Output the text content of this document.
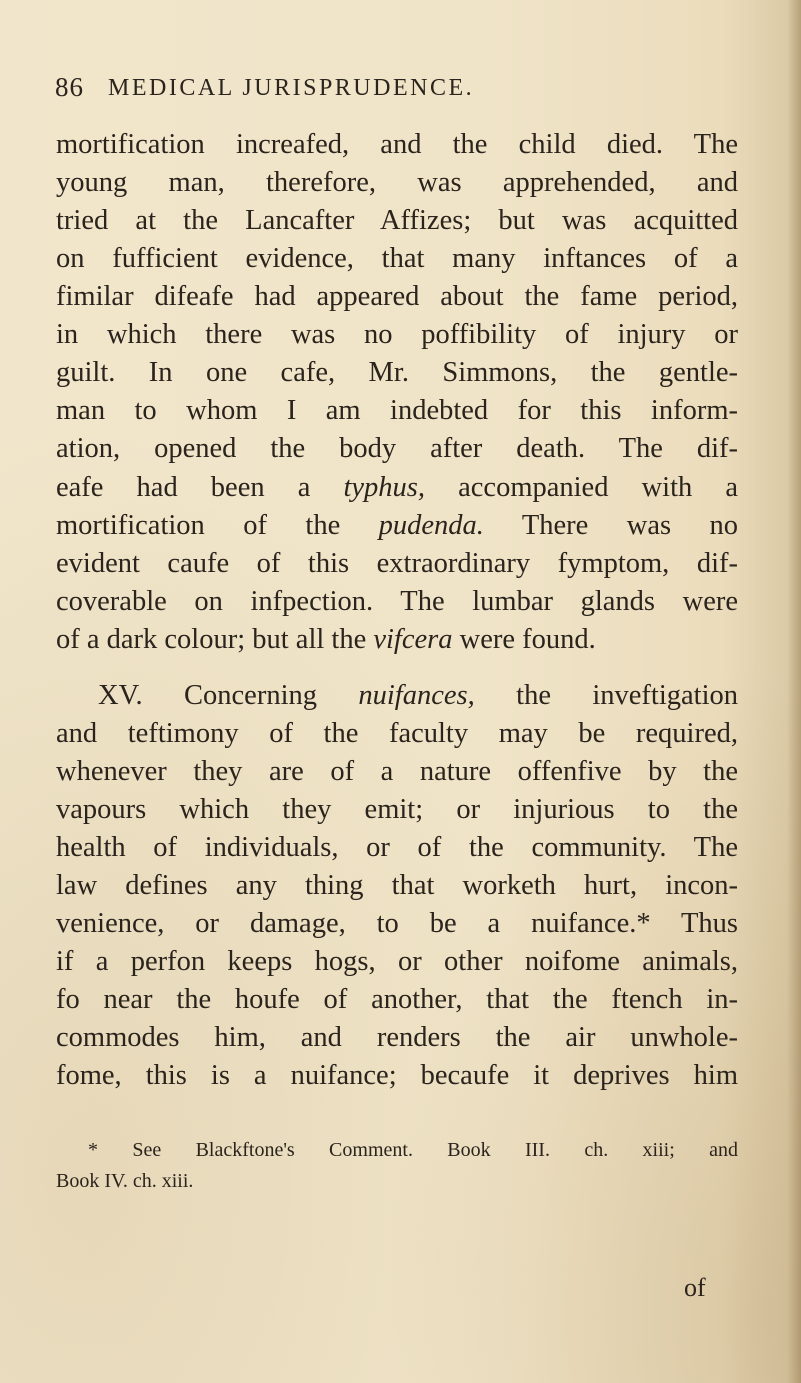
86 MEDICAL JURISPRUDENCE.
mortification increafed, and the child died. The
young man, therefore, was apprehended, and
tried at the Lancafter Affizes; but was acquitted
on fufficient evidence, that many inftances of a
fimilar difeafe had appeared about the fame period,
in which there was no poffibility of injury or
guilt. In one cafe, Mr. Simmons, the gentle-
man to whom I am indebted for this inform-
ation, opened the body after death. The dif-
eafe had been a typhus, accompanied with a
mortification of the pudenda. There was no
evident caufe of this extraordinary fymptom, dif-
coverable on infpection. The lumbar glands were
of a dark colour; but all the vifcera were found.
XV. Concerning nuifances, the inveftigation
and teftimony of the faculty may be required,
whenever they are of a nature offenfive by the
vapours which they emit; or injurious to the
health of individuals, or of the community. The
law defines any thing that worketh hurt, incon-
venience, or damage, to be a nuifance.* Thus
if a perfon keeps hogs, or other noifome animals,
fo near the houfe of another, that the ftench in-
commodes him, and renders the air unwhole-
fome, this is a nuifance; becaufe it deprives him
* See Blackftone's Comment. Book III. ch. xiii; and
Book IV. ch. xiii.
of
